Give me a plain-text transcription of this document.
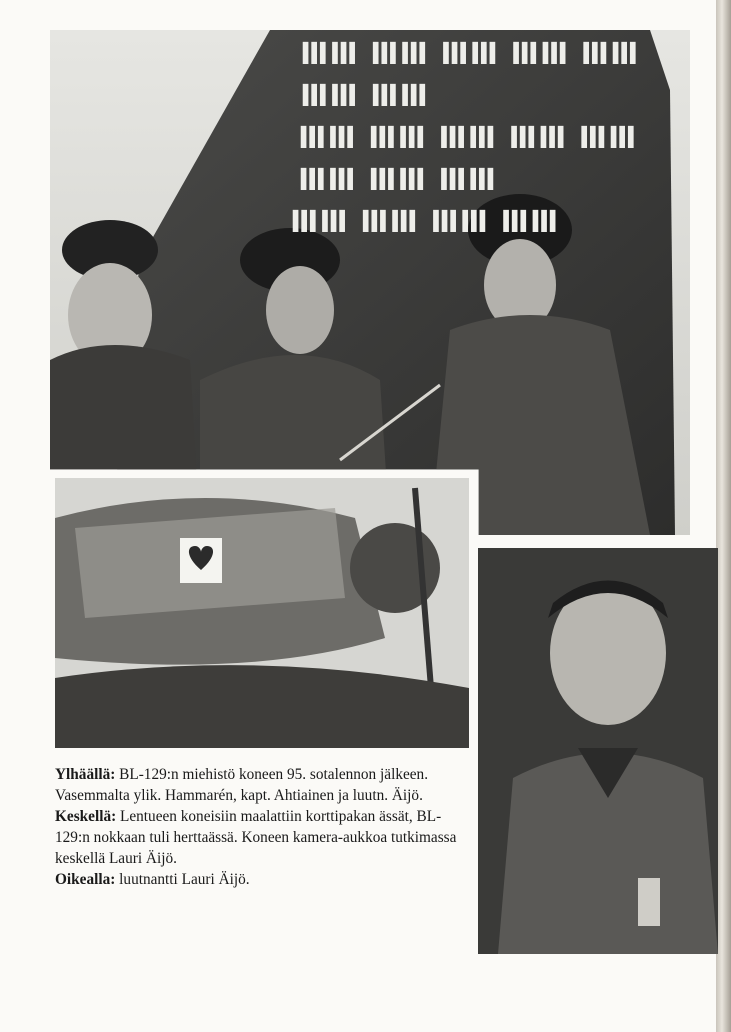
ⅢⅢ ⅢⅢ ⅢⅢ ⅢⅢ ⅢⅢ ⅢⅢ ⅢⅢ
ⅢⅢ ⅢⅢ ⅢⅢ ⅢⅢ ⅢⅢ ⅢⅢ ⅢⅢ ⅢⅢ
ⅢⅢ ⅢⅢ ⅢⅢ ⅢⅢ

Ylhäällä: BL-129:n miehistö koneen 95. sotalennon jälkeen. Vasemmalta ylik. Hammarén, kapt. Ahtiainen ja luutn. Äijö.

Keskellä: Lentueen koneisiin maalattiin korttipakan ässät, BL-129:n nokkaan tuli herttaässä. Koneen kamera-aukkoa tutkimassa keskellä Lauri Äijö.

Oikealla: luutnantti Lauri Äijö.
